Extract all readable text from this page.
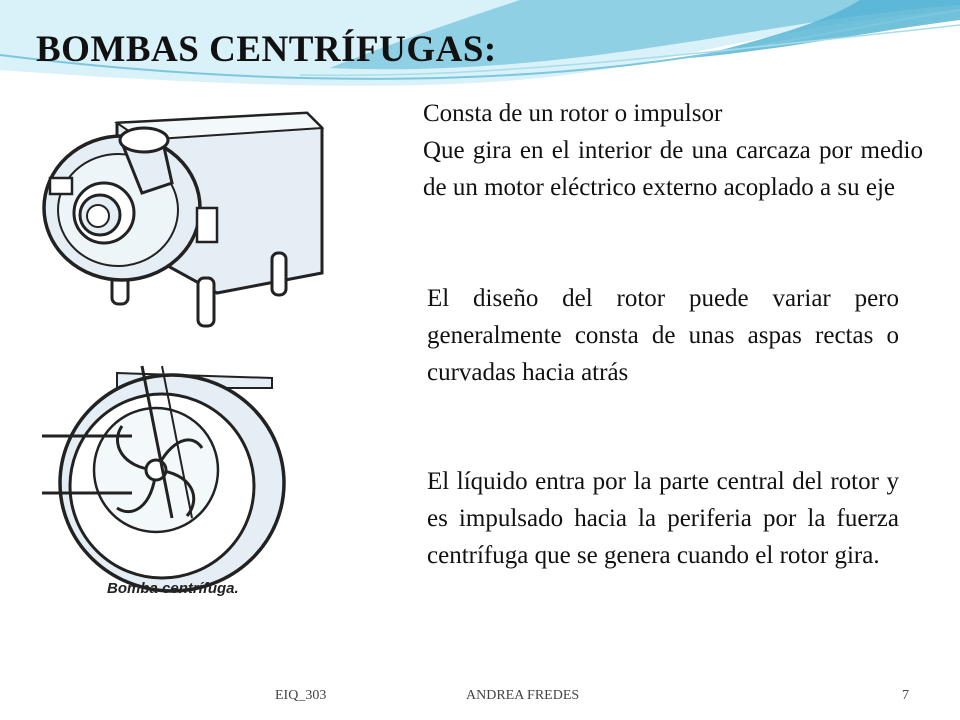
BOMBAS CENTRÍFUGAS:
Bomba centrífuga.
Consta de un rotor o impulsor
Que gira en el interior de una carcaza por medio de un motor eléctrico externo acoplado a su eje
El diseño del rotor puede variar pero generalmente consta de unas aspas rectas o curvadas hacia atrás
El líquido entra por la parte central del rotor y es impulsado hacia la periferia por la fuerza centrífuga que se genera cuando el rotor gira.
EIQ_303	ANDREA FREDES	7
